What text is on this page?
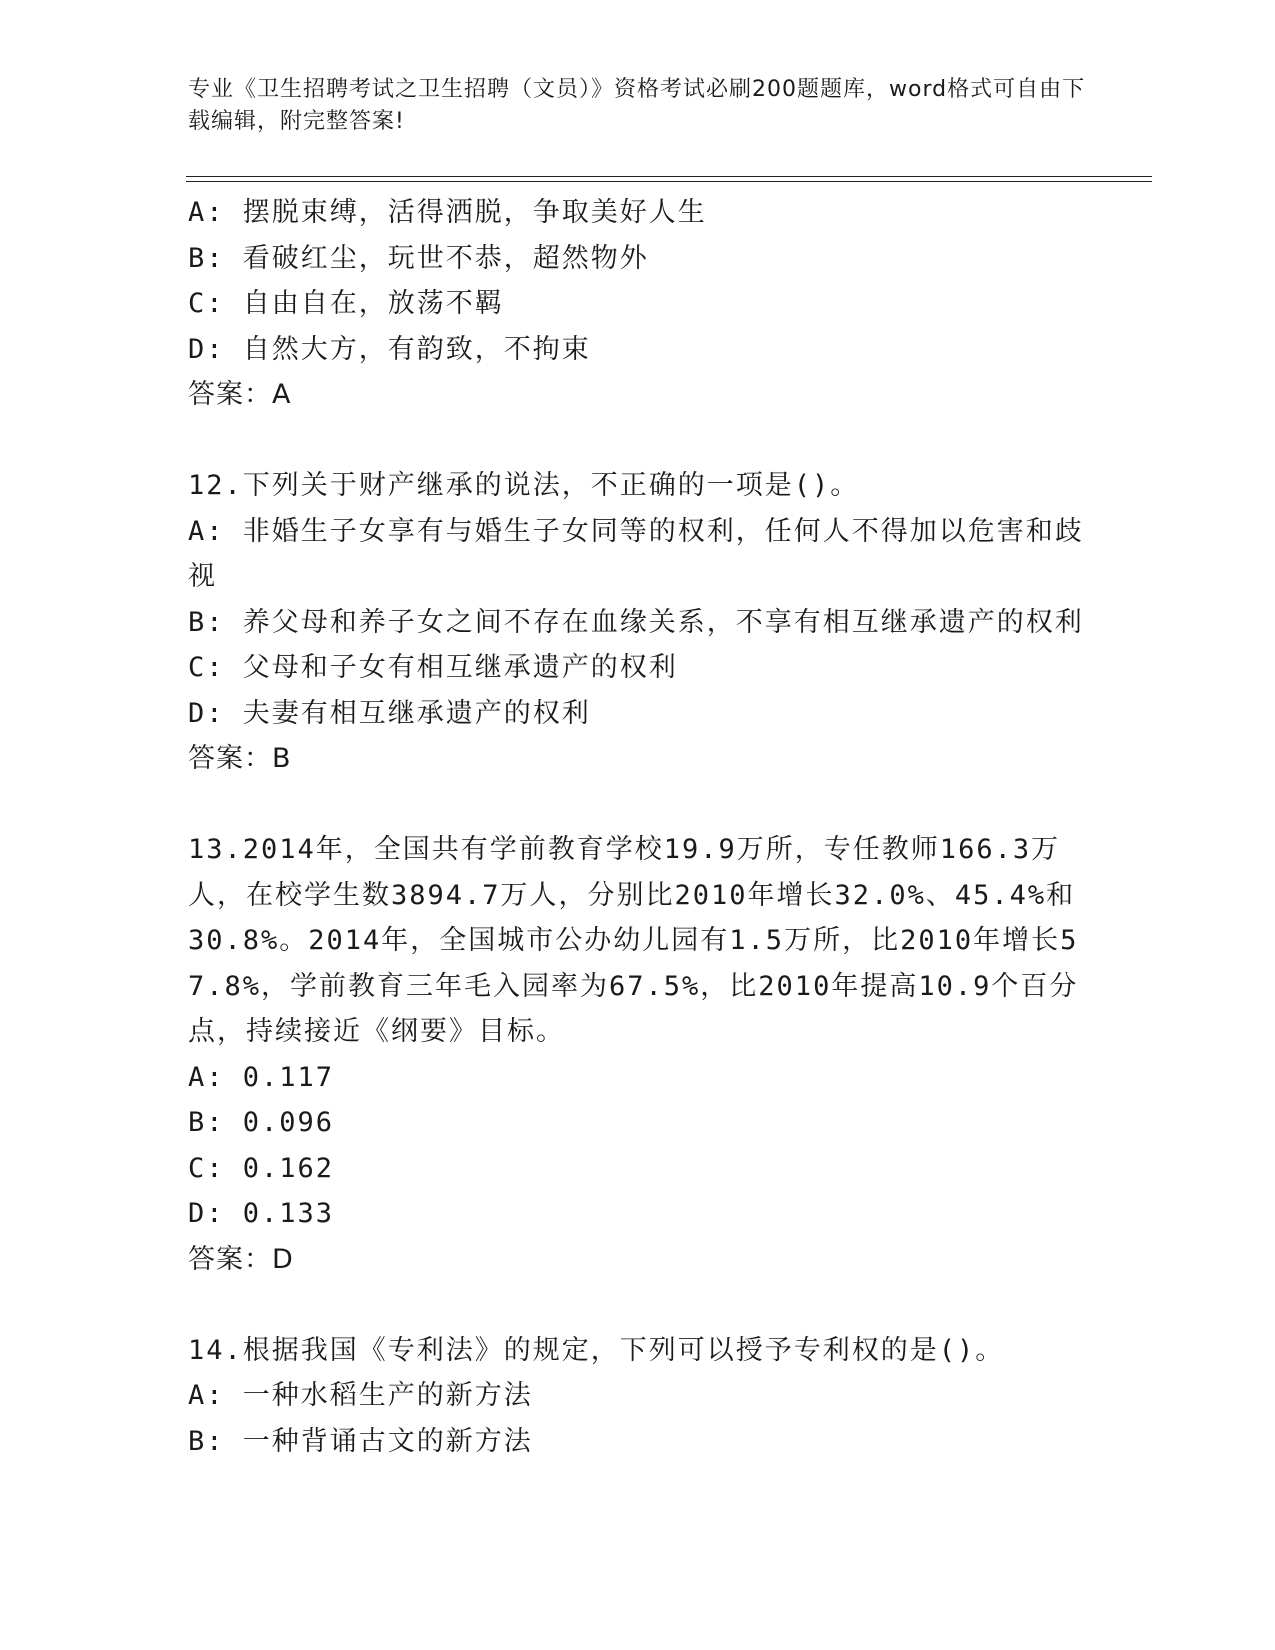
专业《卫生招聘考试之卫生招聘（文员）》资格考试必刷200题题库，word格式可自由下载编辑，附完整答案!
A: 摆脱束缚，活得洒脱，争取美好人生
B: 看破红尘，玩世不恭，超然物外
C: 自由自在，放荡不羁
D: 自然大方，有韵致，不拘束
答案：A
12.下列关于财产继承的说法，不正确的一项是()。
A: 非婚生子女享有与婚生子女同等的权利，任何人不得加以危害和歧视
B: 养父母和养子女之间不存在血缘关系，不享有相互继承遗产的权利
C: 父母和子女有相互继承遗产的权利
D: 夫妻有相互继承遗产的权利
答案：B
13.2014年，全国共有学前教育学校19.9万所，专任教师166.3万人，在校学生数3894.7万人，分别比2010年增长32.0%、45.4%和30.8%。2014年，全国城市公办幼儿园有1.5万所，比2010年增长57.8%，学前教育三年毛入园率为67.5%，比2010年提高10.9个百分点，持续接近《纲要》目标。
A: 0.117
B: 0.096
C: 0.162
D: 0.133
答案：D
14.根据我国《专利法》的规定，下列可以授予专利权的是()。
A: 一种水稻生产的新方法
B: 一种背诵古文的新方法
